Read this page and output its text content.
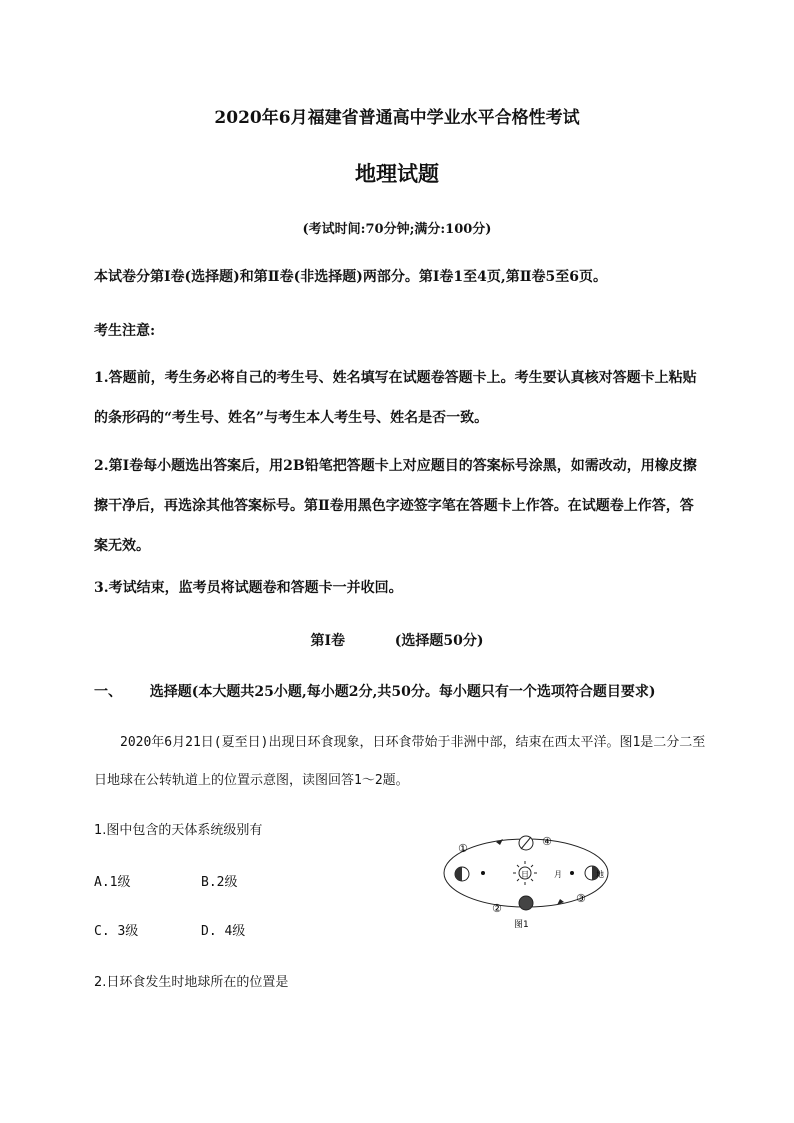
2020年6月福建省普通高中学业水平合格性考试
地理试题
(考试时间:70分钟;满分:100分)
本试卷分第Ⅰ卷(选择题)和第Ⅱ卷(非选择题)两部分。第Ⅰ卷1至4页,第Ⅱ卷5至6页。
考生注意:
1.答题前，考生务必将自己的考生号、姓名填写在试题卷答题卡上。考生要认真核对答题卡上粘贴的条形码的“考生号、姓名”与考生本人考生号、姓名是否一致。
2.第Ⅰ卷每小题选出答案后，用2B铅笔把答题卡上对应题目的答案标号涂黑，如需改动，用橡皮擦擦干净后，再选涂其他答案标号。第Ⅱ卷用黑色字迹签字笔在答题卡上作答。在试题卷上作答，答案无效。
3.考试结束，监考员将试题卷和答题卡一并收回。
第Ⅰ卷	(选择题50分)
一、 选择题(本大题共25小题,每小题2分,共50分。每小题只有一个选项符合题目要求)
2020年6月21日(夏至日)出现日环食现象，日环食带始于非洲中部，结束在西太平洋。图1是二分二至日地球在公转轨道上的位置示意图，读图回答1～2题。
1.图中包含的天体系统级别有
A.1级	B.2级
C. 3级	D. 4级
2.日环食发生时地球所在的位置是
日	地
月
①
②
③
④
图1
